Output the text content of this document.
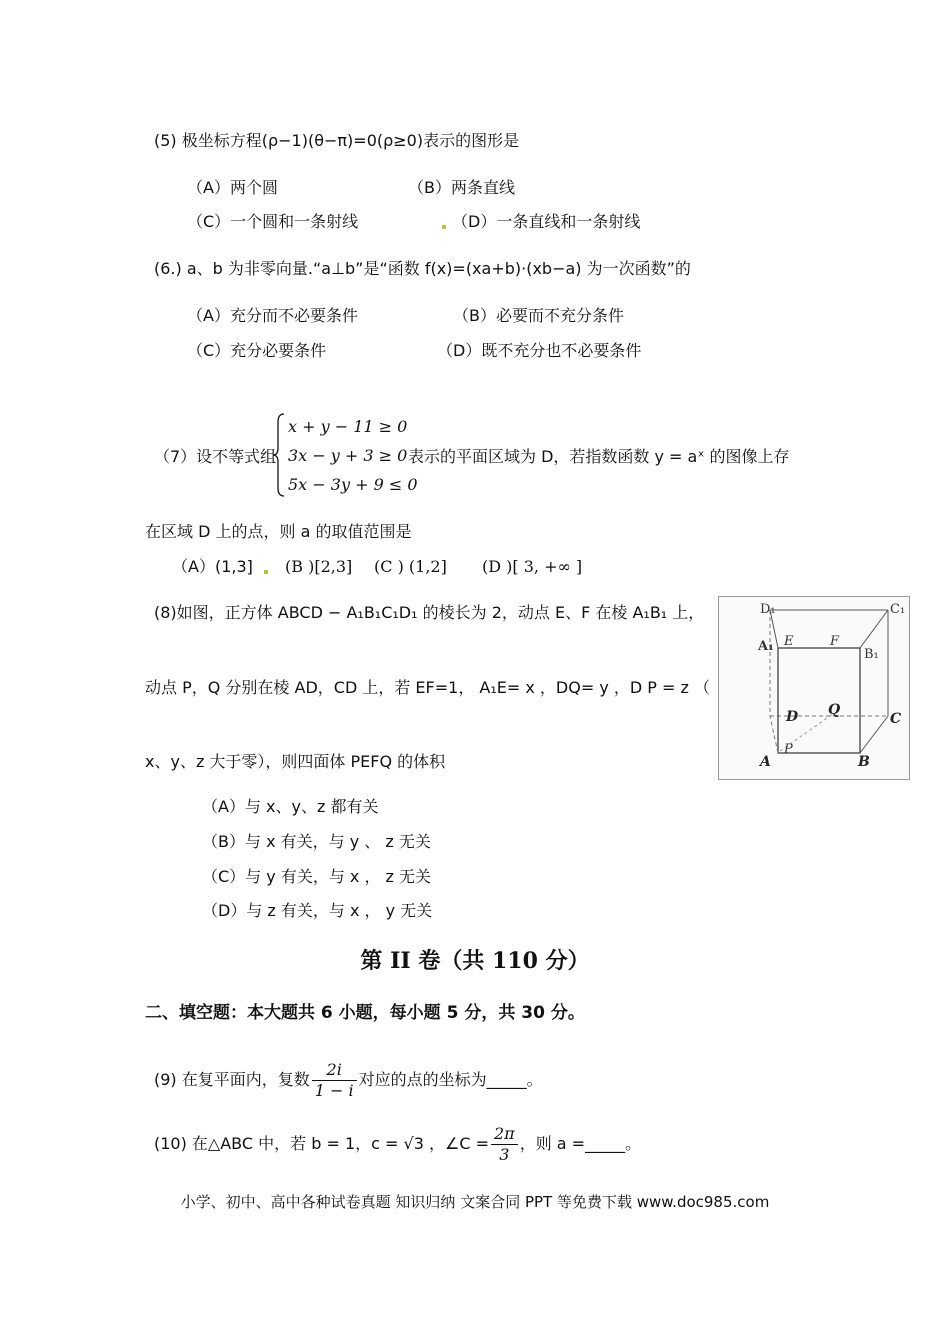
(5) 极坐标方程(ρ−1)(θ−π)=0(ρ≥0)表示的图形是
（A）两个圆	（B）两条直线
（C）一个圆和一条射线	（D）一条直线和一条射线
(6.) a、b 为非零向量.“a⊥b”是“函数 f(x)=(xa+b)·(xb−a) 为一次函数”的
（A）充分而不必要条件	（B）必要而不充分条件
（C）充分必要条件	（D）既不充分也不必要条件
（7）设不等式组
x + y − 11 ≥ 0
3x − y + 3 ≥ 0
5x − 3y + 9 ≤ 0
表示的平面区域为 D，若指数函数 y = aˣ 的图像上存
在区域 D 上的点，则 a 的取值范围是
（A）(1,3] (B )[2,3] (C ) (1,2] (D )[ 3, +∞ ]
(8)如图，正方体 ABCD − A₁B₁C₁D₁ 的棱长为 2，动点 E、F 在棱 A₁B₁ 上，
动点 P，Q 分别在棱 AD，CD 上，若 EF=1， A₁E= x ，DQ= y ，D P = z （
x、y、z 大于零），则四面体 PEFQ 的体积
（A）与 x、y、z 都有关
（B）与 x 有关，与 y 、 z 无关
（C）与 y 有关，与 x ， z 无关
（D）与 z 有关，与 x ， y 无关
D₁	C₁
A₁
B₁
E	F
D Q
C
A
P
B
第 II 卷（共 110 分）
二、填空题：本大题共 6 小题，每小题 5 分，共 30 分。
(9) 在复平面内，复数 $\frac{2i}{1 - i}$ 对应的点的坐标为_____。
(10) 在△ABC 中，若 b = 1，c = √3 ，∠C = $\frac{2\pi}{3}$ ，则 a =_____。
小学、初中、高中各种试卷真题 知识归纳 文案合同 PPT 等免费下载 www.doc985.com
